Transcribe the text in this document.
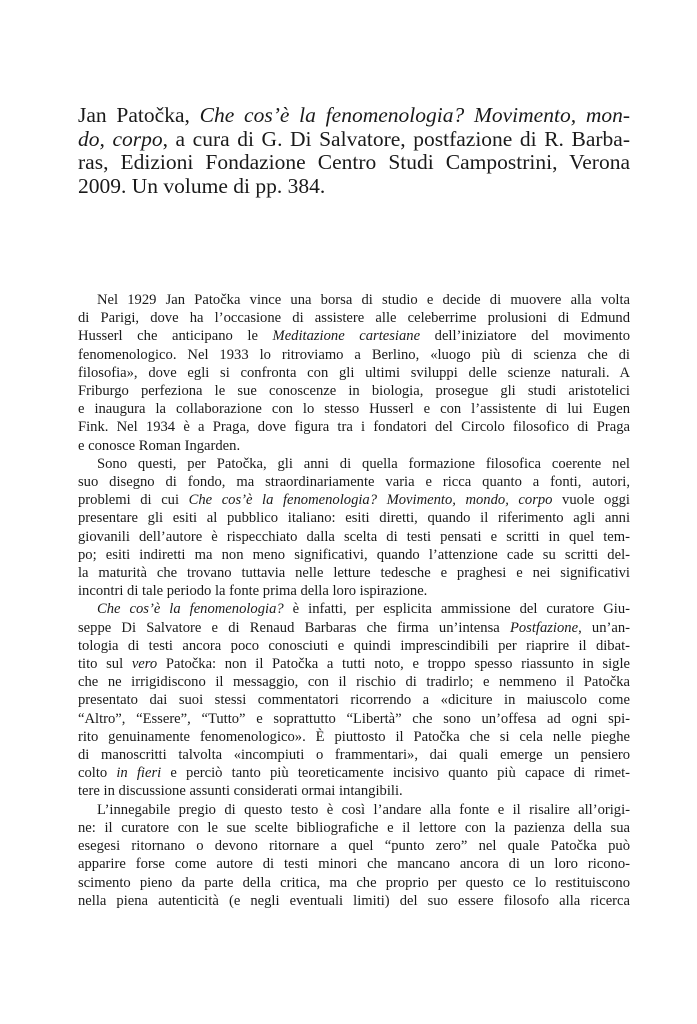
Jan Patočka, Che cos’è la fenomenologia? Movimento, mon-
do, corpo, a cura di G. Di Salvatore, postfazione di R. Barba-
ras, Edizioni Fondazione Centro Studi Campostrini, Verona
2009. Un volume di pp. 384.
Nel 1929 Jan Patočka vince una borsa di studio e decide di muovere alla volta
di Parigi, dove ha l’occasione di assistere alle celeberrime prolusioni di Edmund
Husserl che anticipano le Meditazione cartesiane dell’iniziatore del movimento
fenomenologico. Nel 1933 lo ritroviamo a Berlino, «luogo più di scienza che di
filosofia», dove egli si confronta con gli ultimi sviluppi delle scienze naturali. A
Friburgo perfeziona le sue conoscenze in biologia, prosegue gli studi aristotelici
e inaugura la collaborazione con lo stesso Husserl e con l’assistente di lui Eugen
Fink. Nel 1934 è a Praga, dove figura tra i fondatori del Circolo filosofico di Praga
e conosce Roman Ingarden.
Sono questi, per Patočka, gli anni di quella formazione filosofica coerente nel
suo disegno di fondo, ma straordinariamente varia e ricca quanto a fonti, autori,
problemi di cui Che cos’è la fenomenologia? Movimento, mondo, corpo vuole oggi
presentare gli esiti al pubblico italiano: esiti diretti, quando il riferimento agli anni
giovanili dell’autore è rispecchiato dalla scelta di testi pensati e scritti in quel tem-
po; esiti indiretti ma non meno significativi, quando l’attenzione cade su scritti del-
la maturità che trovano tuttavia nelle letture tedesche e praghesi e nei significativi
incontri di tale periodo la fonte prima della loro ispirazione.
Che cos’è la fenomenologia? è infatti, per esplicita ammissione del curatore Giu-
seppe Di Salvatore e di Renaud Barbaras che firma un’intensa Postfazione, un’an-
tologia di testi ancora poco conosciuti e quindi imprescindibili per riaprire il dibat-
tito sul vero Patočka: non il Patočka a tutti noto, e troppo spesso riassunto in sigle
che ne irrigidiscono il messaggio, con il rischio di tradirlo; e nemmeno il Patočka
presentato dai suoi stessi commentatori ricorrendo a «diciture in maiuscolo come
“Altro”, “Essere”, “Tutto” e soprattutto “Libertà” che sono un’offesa ad ogni spi-
rito genuinamente fenomenologico». È piuttosto il Patočka che si cela nelle pieghe
di manoscritti talvolta «incompiuti o frammentari», dai quali emerge un pensiero
colto in fieri e perciò tanto più teoreticamente incisivo quanto più capace di rimet-
tere in discussione assunti considerati ormai intangibili.
L’innegabile pregio di questo testo è così l’andare alla fonte e il risalire all’origi-
ne: il curatore con le sue scelte bibliografiche e il lettore con la pazienza della sua
esegesi ritornano o devono ritornare a quel “punto zero” nel quale Patočka può
apparire forse come autore di testi minori che mancano ancora di un loro ricono-
scimento pieno da parte della critica, ma che proprio per questo ce lo restituiscono
nella piena autenticità (e negli eventuali limiti) del suo essere filosofo alla ricerca
